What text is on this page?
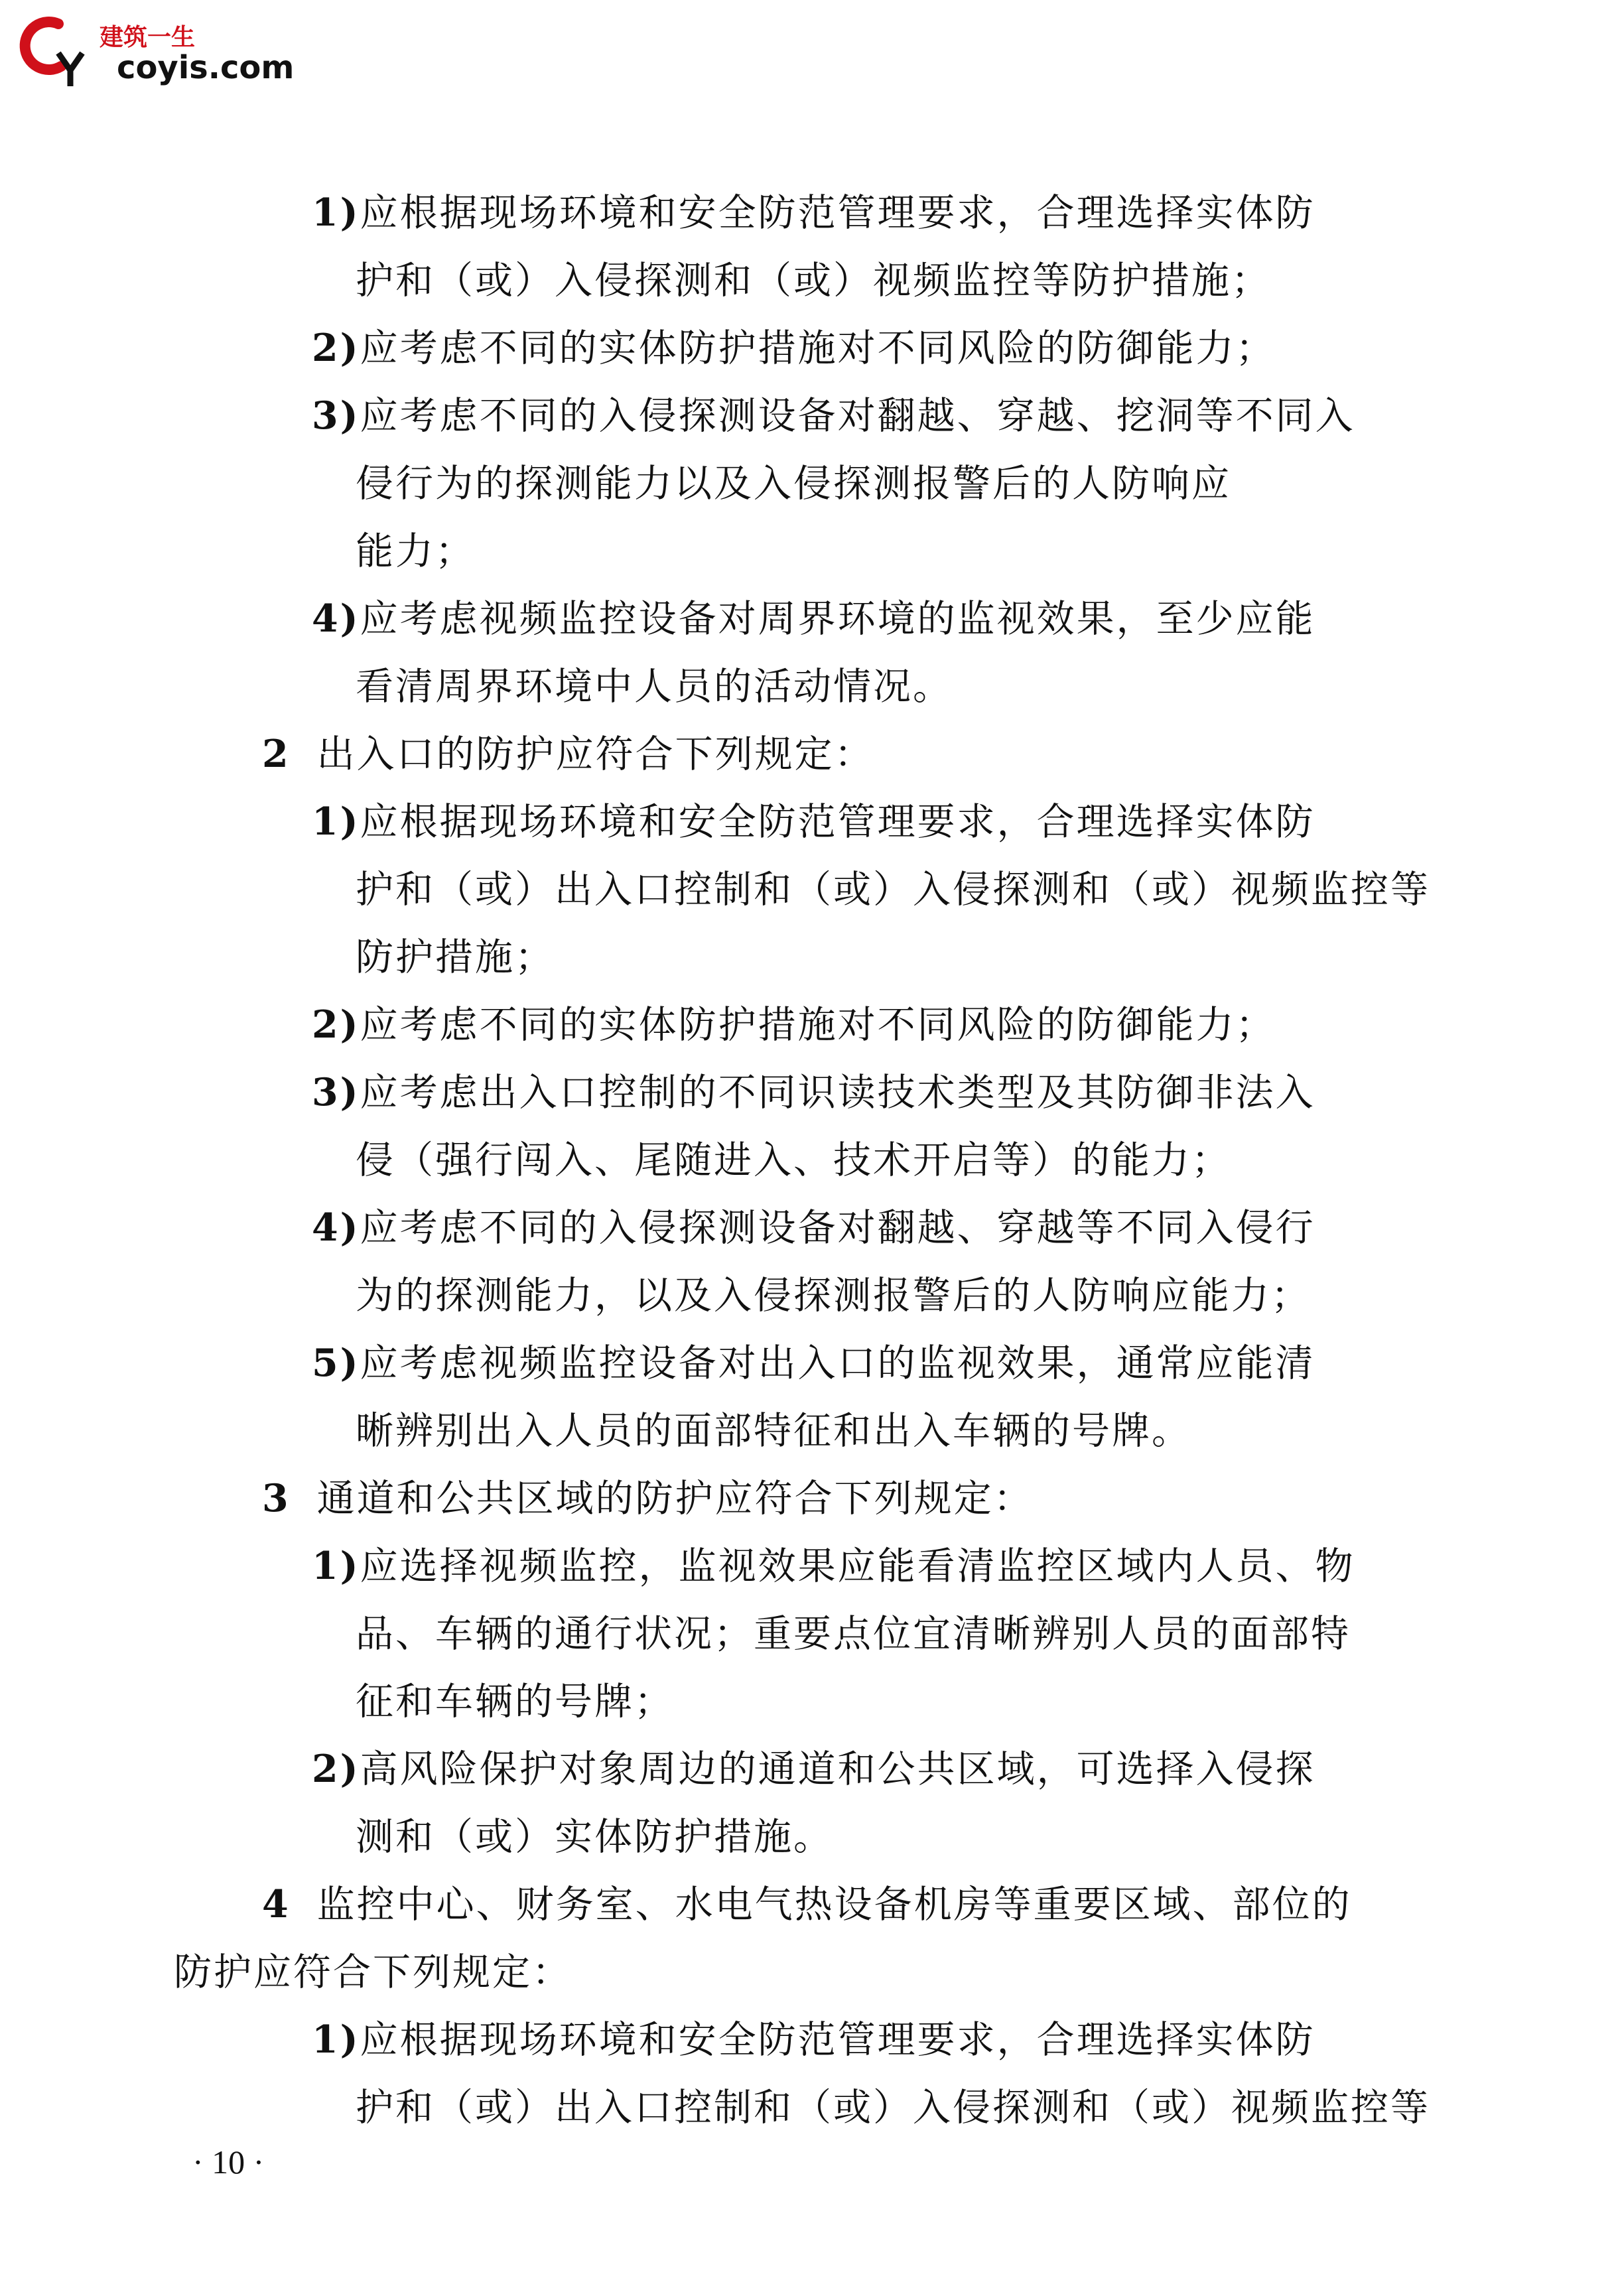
建筑一生
coyis.com
1)应根据现场环境和安全防范管理要求，合理选择实体防
护和（或）入侵探测和（或）视频监控等防护措施；
2)应考虑不同的实体防护措施对不同风险的防御能力；
3)应考虑不同的入侵探测设备对翻越、穿越、挖洞等不同入
侵行为的探测能力以及入侵探测报警后的人防响应
能力；
4)应考虑视频监控设备对周界环境的监视效果，至少应能
看清周界环境中人员的活动情况。
2 出入口的防护应符合下列规定：
1)应根据现场环境和安全防范管理要求，合理选择实体防
护和（或）出入口控制和（或）入侵探测和（或）视频监控等
防护措施；
2)应考虑不同的实体防护措施对不同风险的防御能力；
3)应考虑出入口控制的不同识读技术类型及其防御非法入
侵（强行闯入、尾随进入、技术开启等）的能力；
4)应考虑不同的入侵探测设备对翻越、穿越等不同入侵行
为的探测能力，以及入侵探测报警后的人防响应能力；
5)应考虑视频监控设备对出入口的监视效果，通常应能清
晰辨别出入人员的面部特征和出入车辆的号牌。
3 通道和公共区域的防护应符合下列规定：
1)应选择视频监控，监视效果应能看清监控区域内人员、物
品、车辆的通行状况；重要点位宜清晰辨别人员的面部特
征和车辆的号牌；
2)高风险保护对象周边的通道和公共区域，可选择入侵探
测和（或）实体防护措施。
4 监控中心、财务室、水电气热设备机房等重要区域、部位的
防护应符合下列规定：
1)应根据现场环境和安全防范管理要求，合理选择实体防
护和（或）出入口控制和（或）入侵探测和（或）视频监控等
· 10 ·
